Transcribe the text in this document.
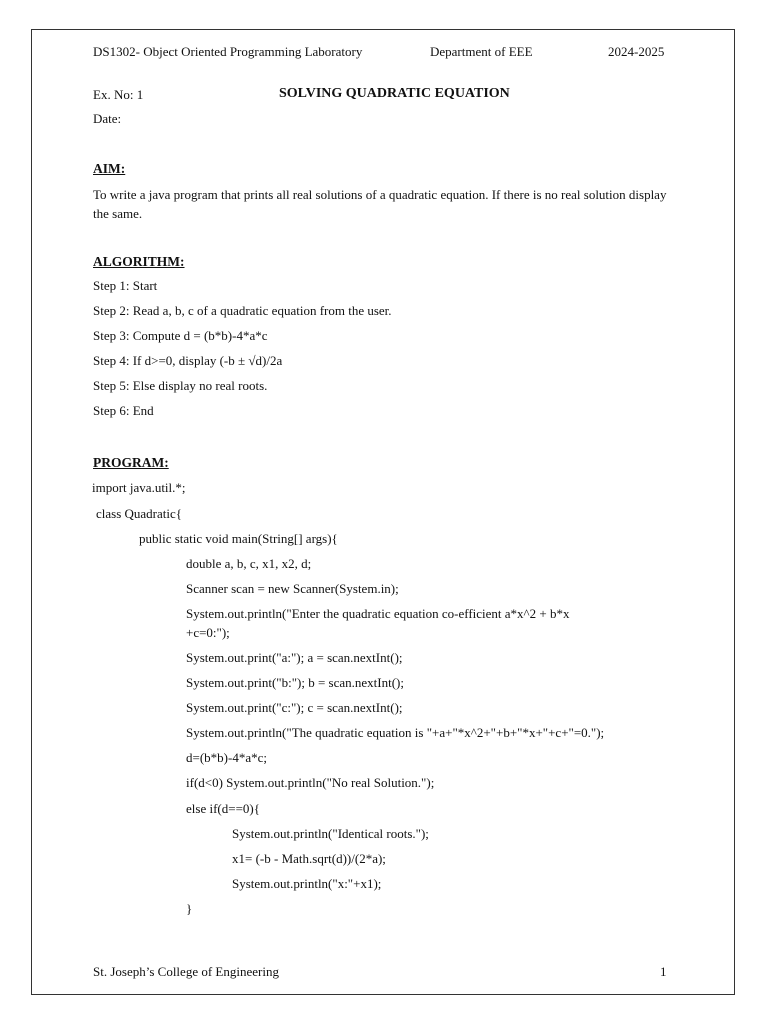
DS1302- Object Oriented Programming Laboratory	Department of EEE	2024-2025
Ex. No: 1	SOLVING QUADRATIC EQUATION
Date:
AIM:
To write a java program that prints all real solutions of a quadratic equation. If there is no real solution display the same.
ALGORITHM:
Step 1: Start
Step 2: Read a, b, c of a quadratic equation from the user.
Step 3: Compute d = (b*b)-4*a*c
Step 4: If d>=0, display (-b ± √d)/2a
Step 5: Else display no real roots.
Step 6: End
PROGRAM:
import java.util.*;
class Quadratic{
public static void main(String[] args){
double a, b, c, x1, x2, d;
Scanner scan = new Scanner(System.in);
System.out.println("Enter the quadratic equation co-efficient a*x^2 + b*x
+c=0:");
System.out.print("a:"); a = scan.nextInt();
System.out.print("b:"); b = scan.nextInt();
System.out.print("c:"); c = scan.nextInt();
System.out.println("The quadratic equation is "+a+"*x^2+"+b+"*x+"+c+"=0.");
d=(b*b)-4*a*c;
if(d<0) System.out.println("No real Solution.");
else if(d==0){
System.out.println("Identical roots.");
x1= (-b - Math.sqrt(d))/(2*a);
System.out.println("x:"+x1);
}
St. Joseph’s College of Engineering	1
